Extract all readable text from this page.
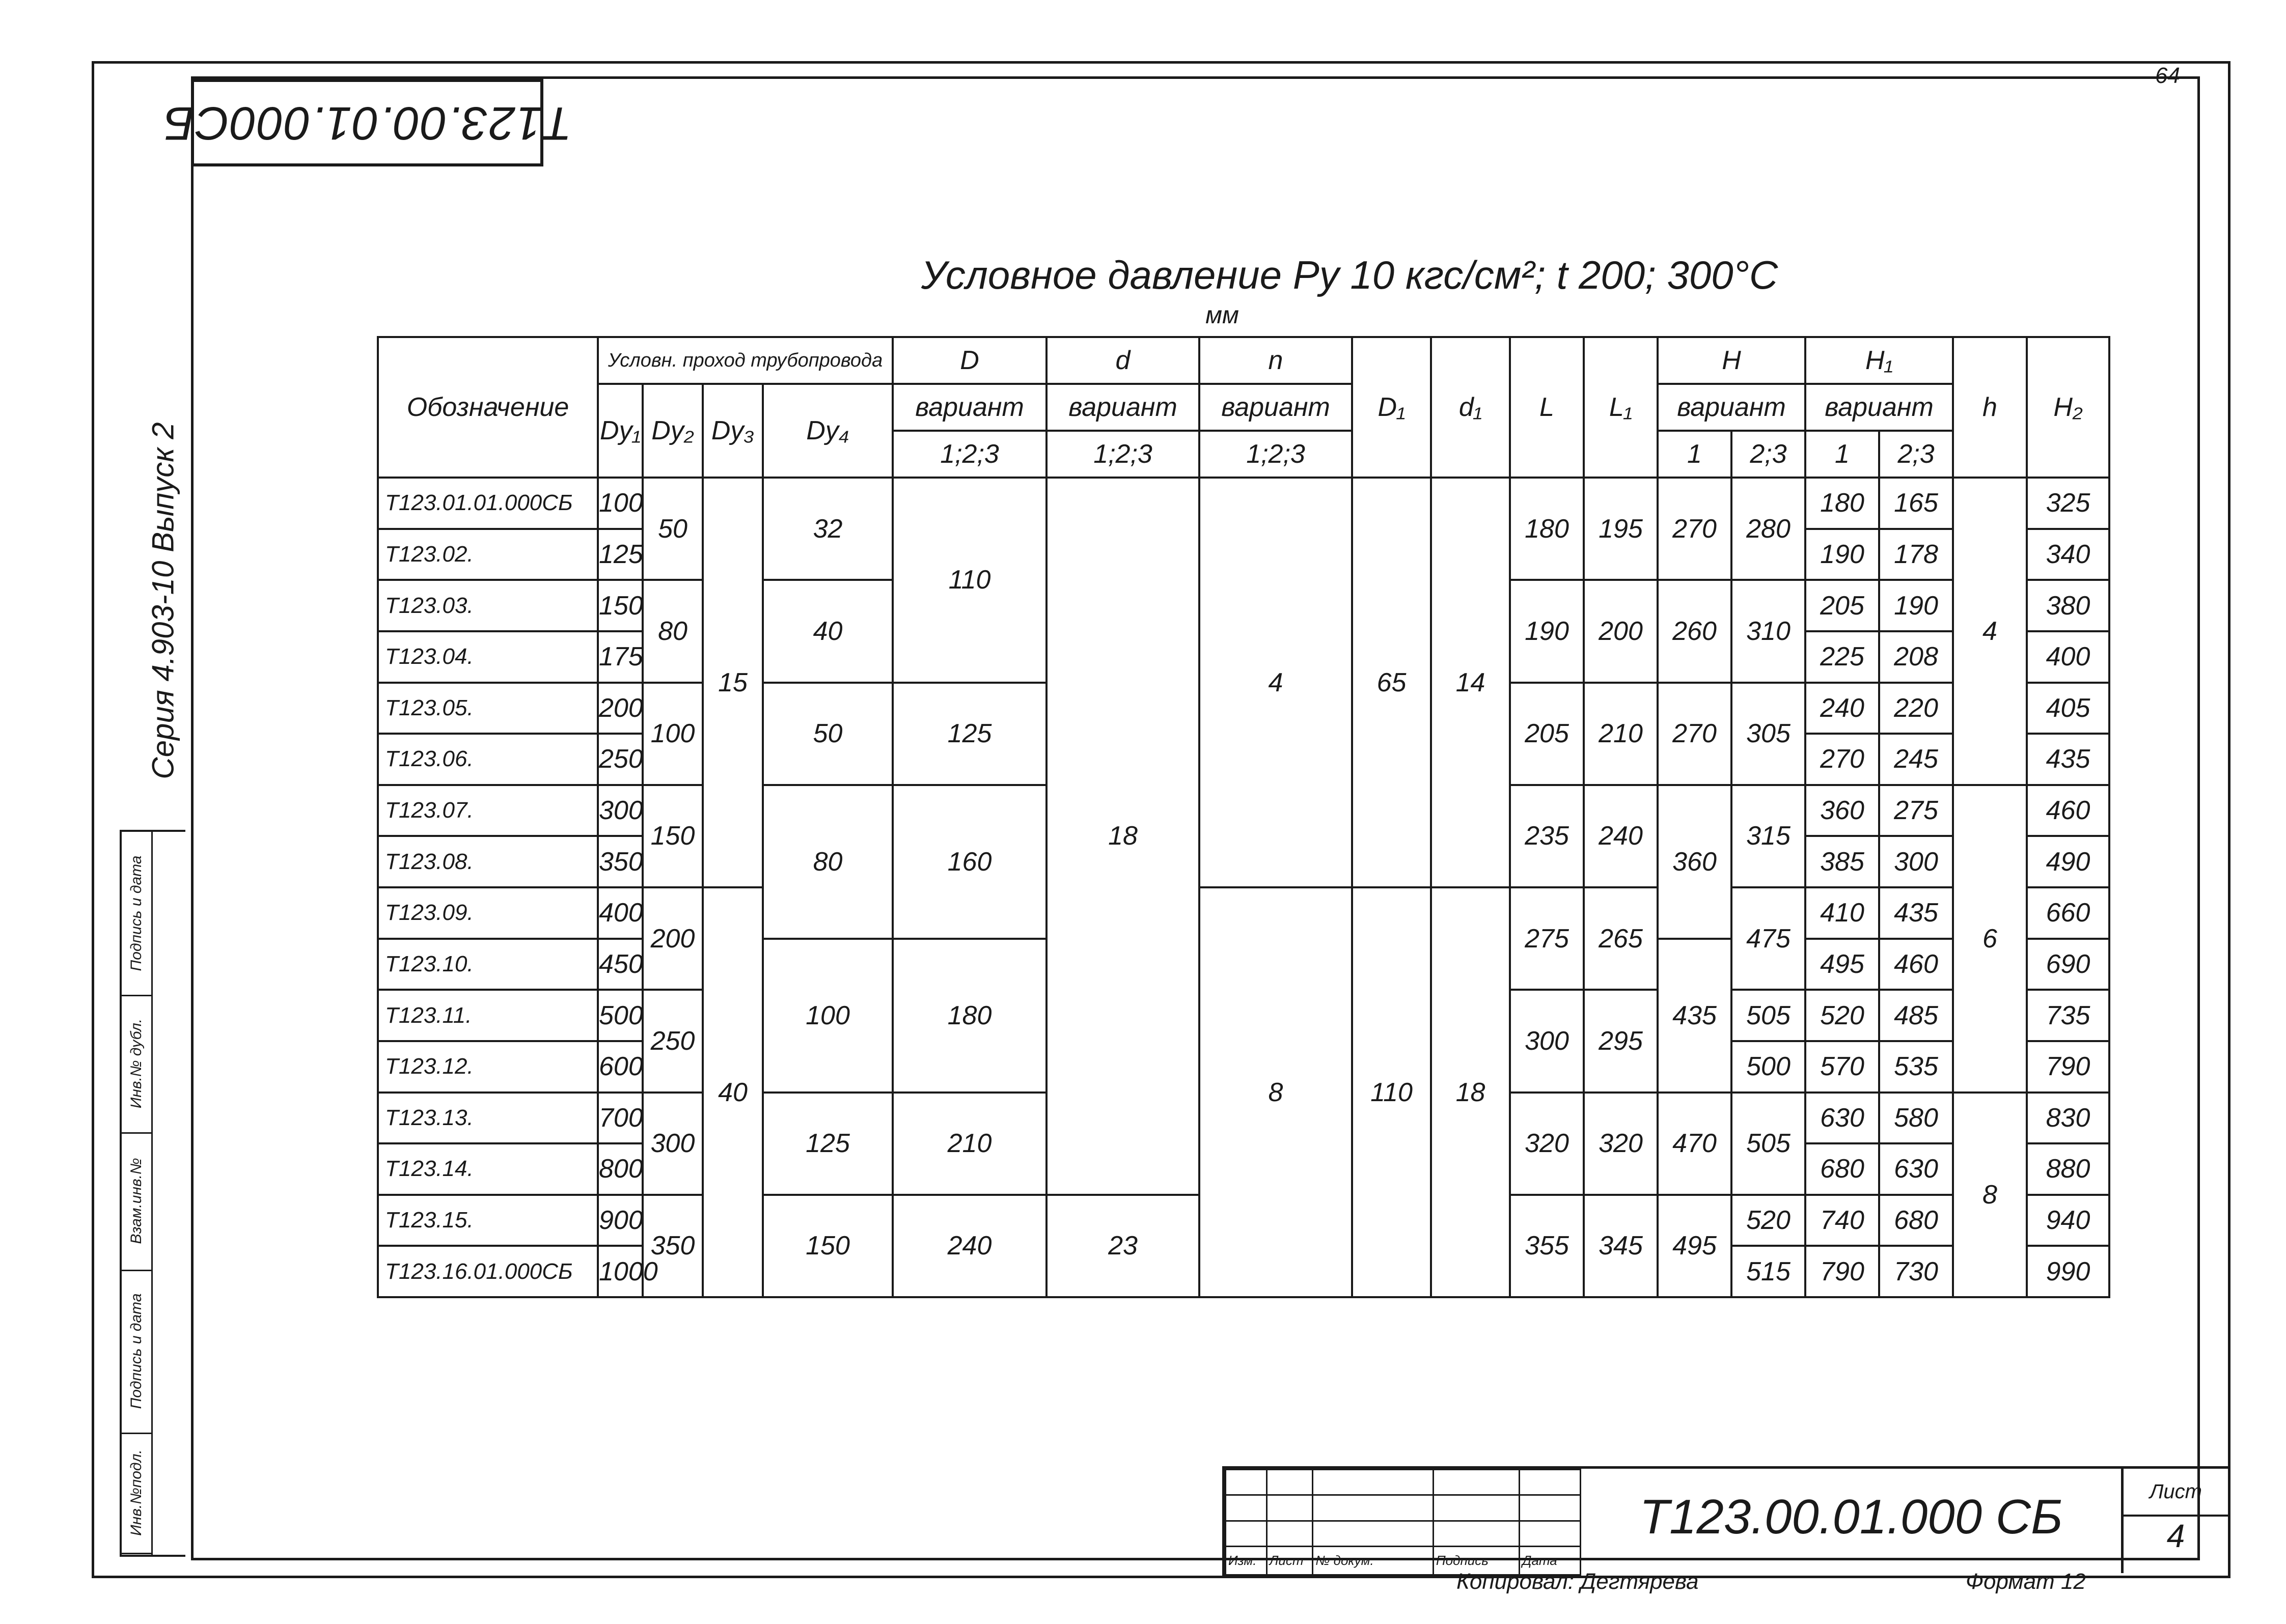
64
Т123.00.01.000СБ
Серия 4.903-10 Выпуск 2
Подпись и дата
Инв.№ дубл.
Взам.инв.№
Подпись и дата
Инв.№подл.
Условное давление Ру 10 кгс/см²; t 200; 300°С
мм
Обозначение	Условн. проход трубопровода				D	d	n	D₁	d₁	L	L₁	H		H₁		h	H₂
	Dу₁	Dу₂	Dу₃	Dу₄	вариант	вариант	вариант					вариант		вариант			
					1;2;3	1;2;3	1;2;3					1	2;3	1	2;3		
Т123.01.01.000СБ	100	50	15	32	110	18	4	65	14	180	195	270	280	180	165	4	325
Т123.02.	125													190	178		340
Т123.03.	150	80		40						190	200	260	310	205	190		380
Т123.04.	175													225	208		400
Т123.05.	200	100		50	125					205	210	270	305	240	220		405
Т123.06.	250													270	245		435
Т123.07.	300	150		80	160					235	240	360	315	360	275	6	460
Т123.08.	350													385	300		490
Т123.09.	400	200	40				8	110	18	275	265		475	410	435		660
Т123.10.	450			100	180							435		495	460		690
Т123.11.	500	250								300	295		505	520	485		735
Т123.12.	600												500	570	535		790
Т123.13.	700	300		125	210					320	320	470	505	630	580	8	830
Т123.14.	800													680	630		880
Т123.15.	900	350		150	240	23				355	345	495	520	740	680		940
Т123.16.01.000СБ	1000												515	790	730		990

Изм.	Лист	№ докум.	Подпись	Дата
Т123.00.01.000 СБ	Лист
4
Копировал: Дегтярева	Формат 12
